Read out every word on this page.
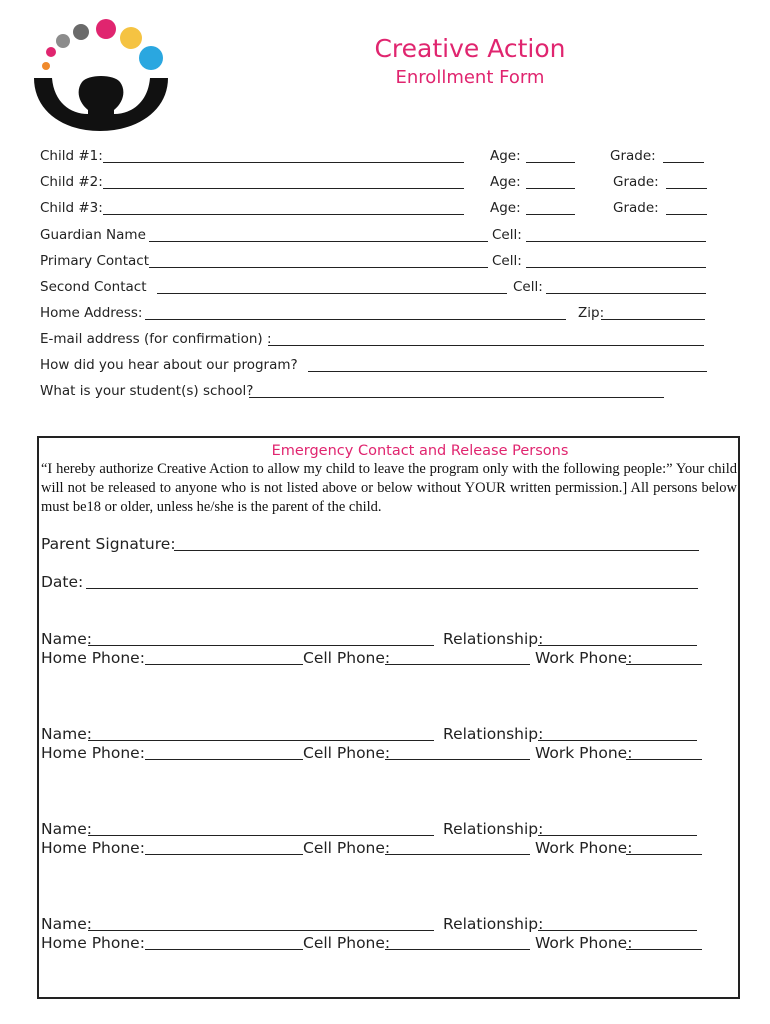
Creative Action
Enrollment Form
Child #1:	Age:	Grade:
Child #2:	Age:	Grade:
Child #3:	Age:	Grade:
Guardian Name	Cell:
Primary Contact	Cell:
Second Contact	Cell:
Home Address:	Zip:
E-mail address (for confirmation) :
How did you hear about our program?
What is your student(s) school?
Emergency Contact and Release Persons
“I hereby authorize Creative Action to allow my child to leave the program only with the following people:” Your child will not be released to anyone who is not listed above or below without YOUR written permission.] All persons below must be18 or older, unless he/she is the parent of the child.
Parent Signature:
Date:
Name:	Relationship:
Home Phone:	Cell Phone:	Work Phone:
Name:	Relationship:
Home Phone:	Cell Phone:	Work Phone:
Name:	Relationship:
Home Phone:	Cell Phone:	Work Phone:
Name:	Relationship:
Home Phone:	Cell Phone:	Work Phone:
